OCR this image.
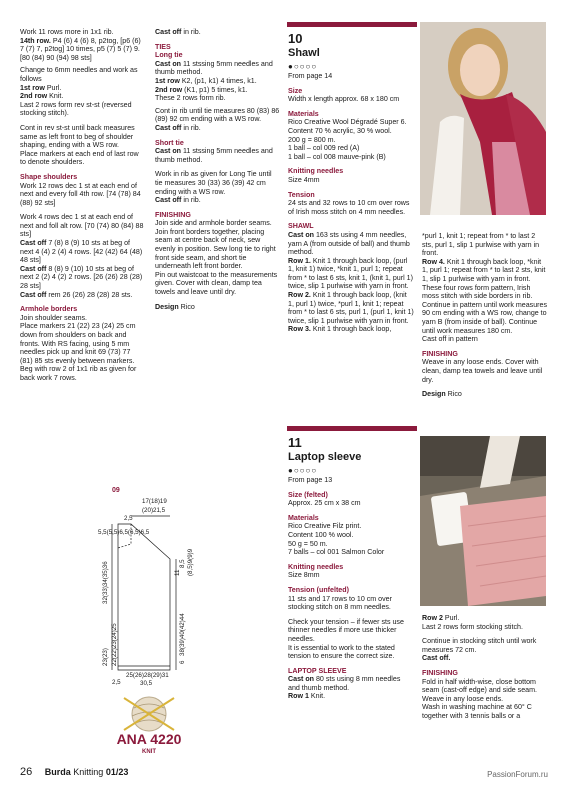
Work 11 rows more in 1x1 rib.
14th row. P4 (6) 4 (6) 8, p2tog, [p6 (6) 7 (7) 7, p2tog] 10 times, p5 (7) 5 (7) 9. [80 (84) 90 (94) 98 sts]

Change to 6mm needles and work as follows
1st row Purl.
2nd row Knit.
Last 2 rows form rev st-st (reversed stocking stitch).

Cont in rev st-st until back measures same as left front to beg of shoulder shaping, ending with a WS row.
Place markers at each end of last row to denote shoulders.

Shape shoulders
Work 12 rows dec 1 st at each end of next and every foll 4th row. [74 (78) 84 (88) 92 sts]

Work 4 rows dec 1 st at each end of next and foll alt row. [70 (74) 80 (84) 88 sts]
Cast off 7 (8) 8 (9) 10 sts at beg of next 4 (4) 2 (4) 4 rows. [42 (42) 64 (48) 48 sts]
Cast off 8 (8) 9 (10) 10 sts at beg of next 2 (2) 4 (2) 2 rows. [26 (26) 28 (28) 28 sts]
Cast off rem 26 (26) 28 (28) 28 sts.

Armhole borders
Join shoulder seams.
Place markers 21 (22) 23 (24) 25 cm down from shoulders on back and fronts. With RS facing, using 5 mm needles pick up and knit 69 (73) 77 (81) 85 sts evenly between markers. Beg with row 2 of 1x1 rib as given for back work 7 rows.

Cast off in rib.

TIES
Long tie
Cast on 11 stssing 5mm needles and thumb method.
1st row K2, (p1, k1) 4 times, k1.
2nd row (K1, p1) 5 times, k1.
These 2 rows form rib.

Cont in rib until tie measures 80 (83) 86 (89) 92 cm ending with a WS row.
Cast off in rib.

Short tie
Cast on 11 stssing 5mm needles and thumb method.

Work in rib as given for Long Tie until tie measures 30 (33) 36 (39) 42 cm ending with a WS row.
Cast off in rib.

FINISHING
Join side and armhole border seams. Join front borders together, placing seam at centre back of neck, sew evenly in position. Sew long tie to right front side seam, and short tie underneath left front border.
Pin out waistcoat to the measurements given. Cover with clean, damp tea towels and leave until dry.

Design Rico

09
17(18)19
(20)21,5
2,5
5,5(5,5)6,5(6,5)6,5
2,5
25(26)28(29)31
30,5
32(33)34(35)36
22(22)23(24)25
23(23)
8,5 (8,5)9(9)9
11
38(39)40(42)44
6
ANA 4220
KNIT
10
Shawl
●○○○○

From page 14

Size
Width x length approx. 68 x 180 cm

Materials
Rico Creative Wool Dégradé Super 6.
Content 70 % acrylic, 30 % wool.
200 g = 800 m.
1 ball – col 009 red (A)
1 ball – col 008 mauve-pink (B)

Knitting needles
Size 4mm

Tension
24 sts and 32 rows to 10 cm over rows of Irish moss stitch on 4 mm needles.

SHAWL
Cast on 163 sts using 4 mm needles, yarn A (from outside of ball) and thumb method.
Row 1. Knit 1 through back loop, (purl 1, knit 1) twice, *knit 1, purl 1; repeat from * to last 6 sts, knit 1, (knit 1, purl 1) twice, slip 1 purlwise with yarn in front.
Row 2. Knit 1 through back loop, (knit 1, purl 1) twice, *purl 1, knit 1; repeat from * to last 6 sts, purl 1, (purl 1, knit 1) twice, slip 1 purlwise with yarn in front.
Row 3. Knit 1 through back loop,

*purl 1, knit 1; repeat from * to last 2 sts, purl 1, slip 1 purlwise with yarn in front.
Row 4. Knit 1 through back loop, *knit 1, purl 1; repeat from * to last 2 sts, knit 1, slip 1 purlwise with yarn in front.
These four rows form pattern, Irish moss stitch with side borders in rib. Continue in pattern until work measures 90 cm ending with a WS row, change to yarn B (from inside of ball). Continue until work measures 180 cm.
Cast off in pattern

FINISHING
Weave in any loose ends. Cover with clean, damp tea towels and leave until dry.

Design Rico

11
Laptop sleeve
●○○○○

From page 13

Size (felted)
Approx. 25 cm x 38 cm

Materials
Rico Creative Filz print.
Content 100 % wool.
50 g = 50 m.
7 balls – col 001 Salmon Color

Knitting needles
Size 8mm

Tension (unfelted)
11 sts and 17 rows to 10 cm over stocking stitch on 8 mm needles.

Check your tension – if fewer sts use thinner needles if more use thicker needles.
It is essential to work to the stated tension to ensure the correct size.

LAPTOP SLEEVE
Cast on 80 sts using 8 mm needles and thumb method.
Row 1 Knit.

Row 2 Purl.
Last 2 rows form stocking stitch.

Continue in stocking stitch until work measures 72 cm.
Cast off.

FINISHING
Fold in half width-wise, close bottom seam (cast-off edge) and side seam. Weave in any loose ends.
Wash in washing machine at 60° C together with 3 tennis balls or a

26 Burda Knitting 01/23	PassionForum.ru
